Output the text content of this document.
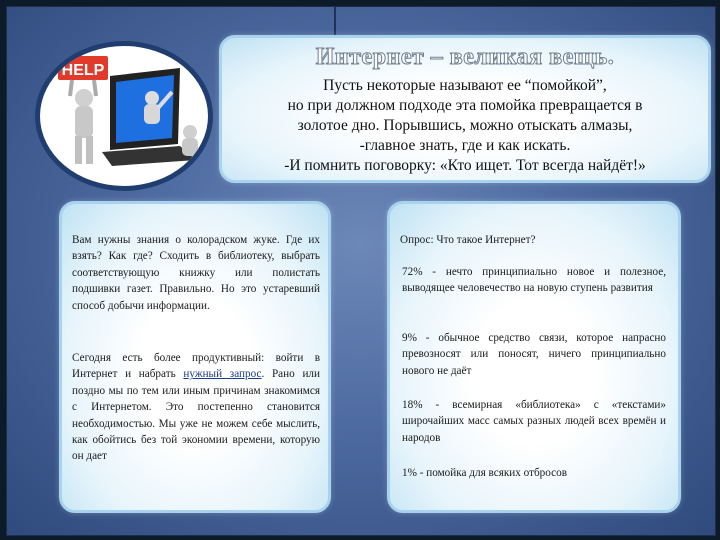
HELP
Интернет – великая вещь.
Пусть некоторые называют ее “помойкой”,
но при должном подходе эта помойка превращается в
золотое дно. Порывшись, можно отыскать алмазы,
-главное знать, где и как искать.
-И помнить поговорку: «Кто ищет. Тот всегда найдёт!»
Вам нужны знания о колорадском жуке. Где их взять? Как где? Сходить в библиотеку, выбрать соответствующую книжку или полистать подшивки газет. Правильно. Но это устаревший способ добычи информации.
Сегодня есть более продуктивный: войти в Интернет и набрать нужный запрос. Рано или поздно мы по тем или иным причинам знакомимся с Интернетом. Это постепенно становится необходимостью. Мы уже не можем себе мыслить, как обойтись без той экономии времени, которую он дает
Опрос: Что такое Интернет?
72% - нечто принципиально новое и полезное, выводящее человечество на новую ступень развития
9% - обычное средство связи, которое напрасно превозносят или поносят, ничего принципиально нового не даёт
18% - всемирная «библиотека» с «текстами» широчайших масс самых разных людей всех времён и народов
1% - помойка для всяких отбросов
